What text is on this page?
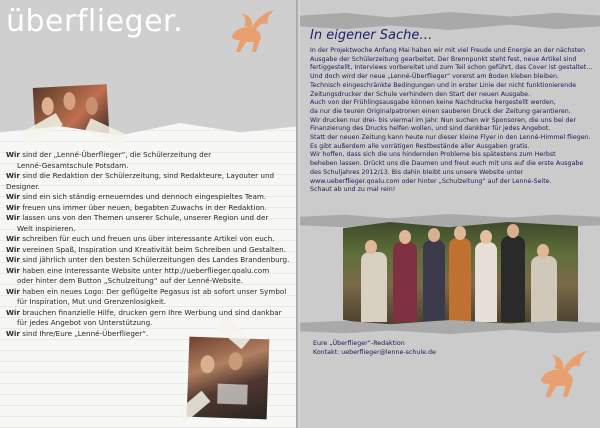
überflieger.

Wir sind der „Lenné-Überflieger“, die Schülerzeitung der

Lenné-Gesamtschule Potsdam.

Wir sind die Redaktion der Schülerzeitung, sind Redakteure, Layouter und Designer.

Wir sind ein sich ständig erneuerndes und dennoch eingespieltes Team.

Wir freuen uns immer über neuen, begabten Zuwachs in der Redaktion.

Wir lassen uns von den Themen unserer Schule, unserer Region und der

Welt inspirieren.

Wir schreiben für euch und freuen uns über interessante Artikel von euch.

Wir vereinen Spaß, Inspiration und Kreativität beim Schreiben und Gestalten.

Wir sind jährlich unter den besten Schülerzeitungen des Landes Brandenburg.

Wir haben eine interessante Website unter http://ueberflieger.qoalu.com

oder hinter dem Button „Schulzeitung“ auf der Lenné-Website.

Wir haben ein neues Logo: Der geflügelte Pegasus ist ab sofort unser Symbol

für Inspiration, Mut und Grenzenlosigkeit.

Wir brauchen finanzielle Hilfe, drucken gern Ihre Werbung und sind dankbar

für jedes Angebot von Unterstützung.

Wir sind Ihre/Eure „Lenné-Überflieger“.

In eigener Sache…

In der Projektwoche Anfang Mai haben wir mit viel Freude und Energie an der nächsten

Ausgabe der Schülerzeitung gearbeitet. Der Brennpunkt steht fest, neue Artikel sind

fertiggestellt, Interviews vorbereitet und zum Teil schon geführt, das Cover ist gestaltet…

Und doch wird der neue „Lenné-Überflieger“ vorerst am Boden kleben bleiben.

Technisch eingeschränkte Bedingungen und in erster Linie der nicht funktionierende

Zeitungsdrucker der Schule verhindern den Start der neuen Ausgabe.

Auch von der Frühlingsausgabe können keine Nachdrucke hergestellt werden,

da nur die teuren Originalpatronen einen sauberen Druck der Zeitung garantieren.

Wir drucken nur drei- bis viermal im Jahr. Nun suchen wir Sponsoren, die uns bei der

Finanzierung des Drucks helfen wollen, und sind dankbar für jedes Angebot.

Statt der neuen Zeitung kann heute nur dieser kleine Flyer in den Lenné-Himmel fliegen.

Es gibt außerdem alle vorrätigen Restbestände aller Ausgaben gratis.

Wir hoffen, dass sich die uns hindernden Probleme bis spätestens zum Herbst

beheben lassen. Drückt uns die Daumen und freut euch mit uns auf die erste Ausgabe

des Schuljahres 2012/13. Bis dahin bleibt uns unsere Website unter

www.ueberflieger.qoalu.com oder hinter „Schulzeitung“ auf der Lenné-Seite.

Schaut ab und zu mal rein!

Eure „Überflieger“-Redaktion

Kontakt: ueberflieger@lenne-schule.de
